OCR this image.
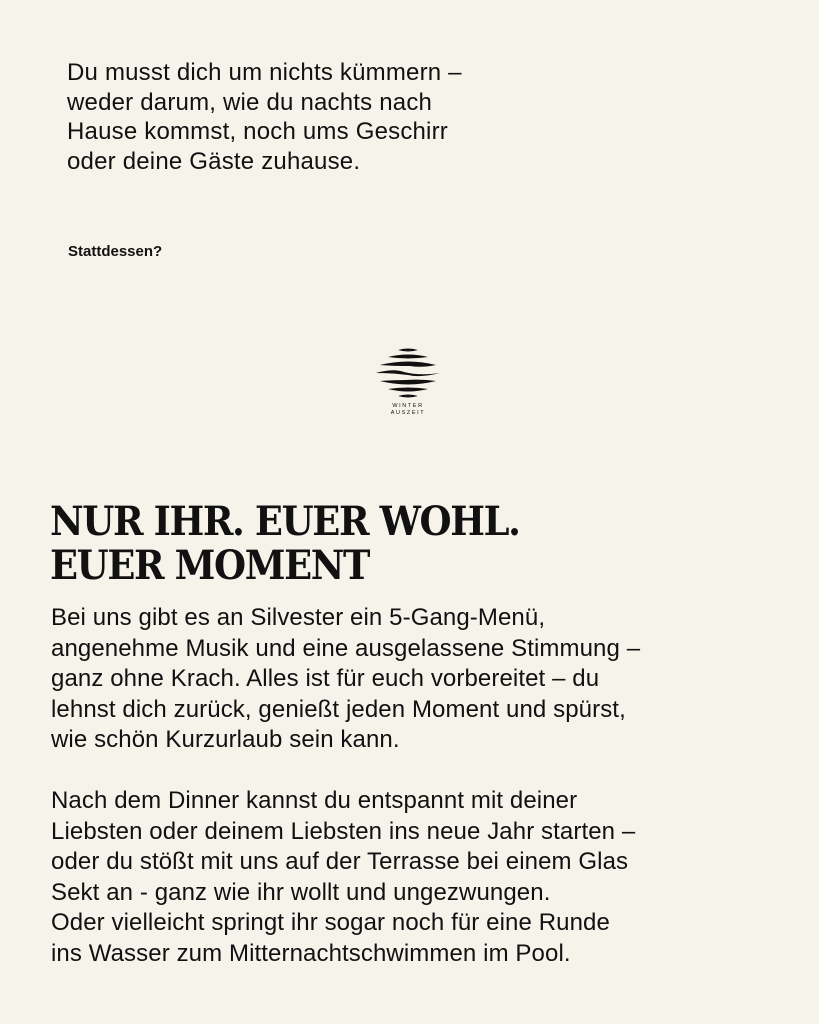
Du musst dich um nichts kümmern –
weder darum, wie du nachts nach
Hause kommst, noch ums Geschirr
oder deine Gäste zuhause.

Stattdessen?

WINTER
AUSZEIT
NUR IHR. EUER WOHL.
EUER MOMENT

Bei uns gibt es an Silvester ein 5-Gang-Menü,
angenehme Musik und eine ausgelassene Stimmung –
ganz ohne Krach. Alles ist für euch vorbereitet – du
lehnst dich zurück, genießt jeden Moment und spürst,
wie schön Kurzurlaub sein kann.

Nach dem Dinner kannst du entspannt mit deiner
Liebsten oder deinem Liebsten ins neue Jahr starten –
oder du stößt mit uns auf der Terrasse bei einem Glas
Sekt an - ganz wie ihr wollt und ungezwungen.
Oder vielleicht springt ihr sogar noch für eine Runde
ins Wasser zum Mitternachtschwimmen im Pool.
